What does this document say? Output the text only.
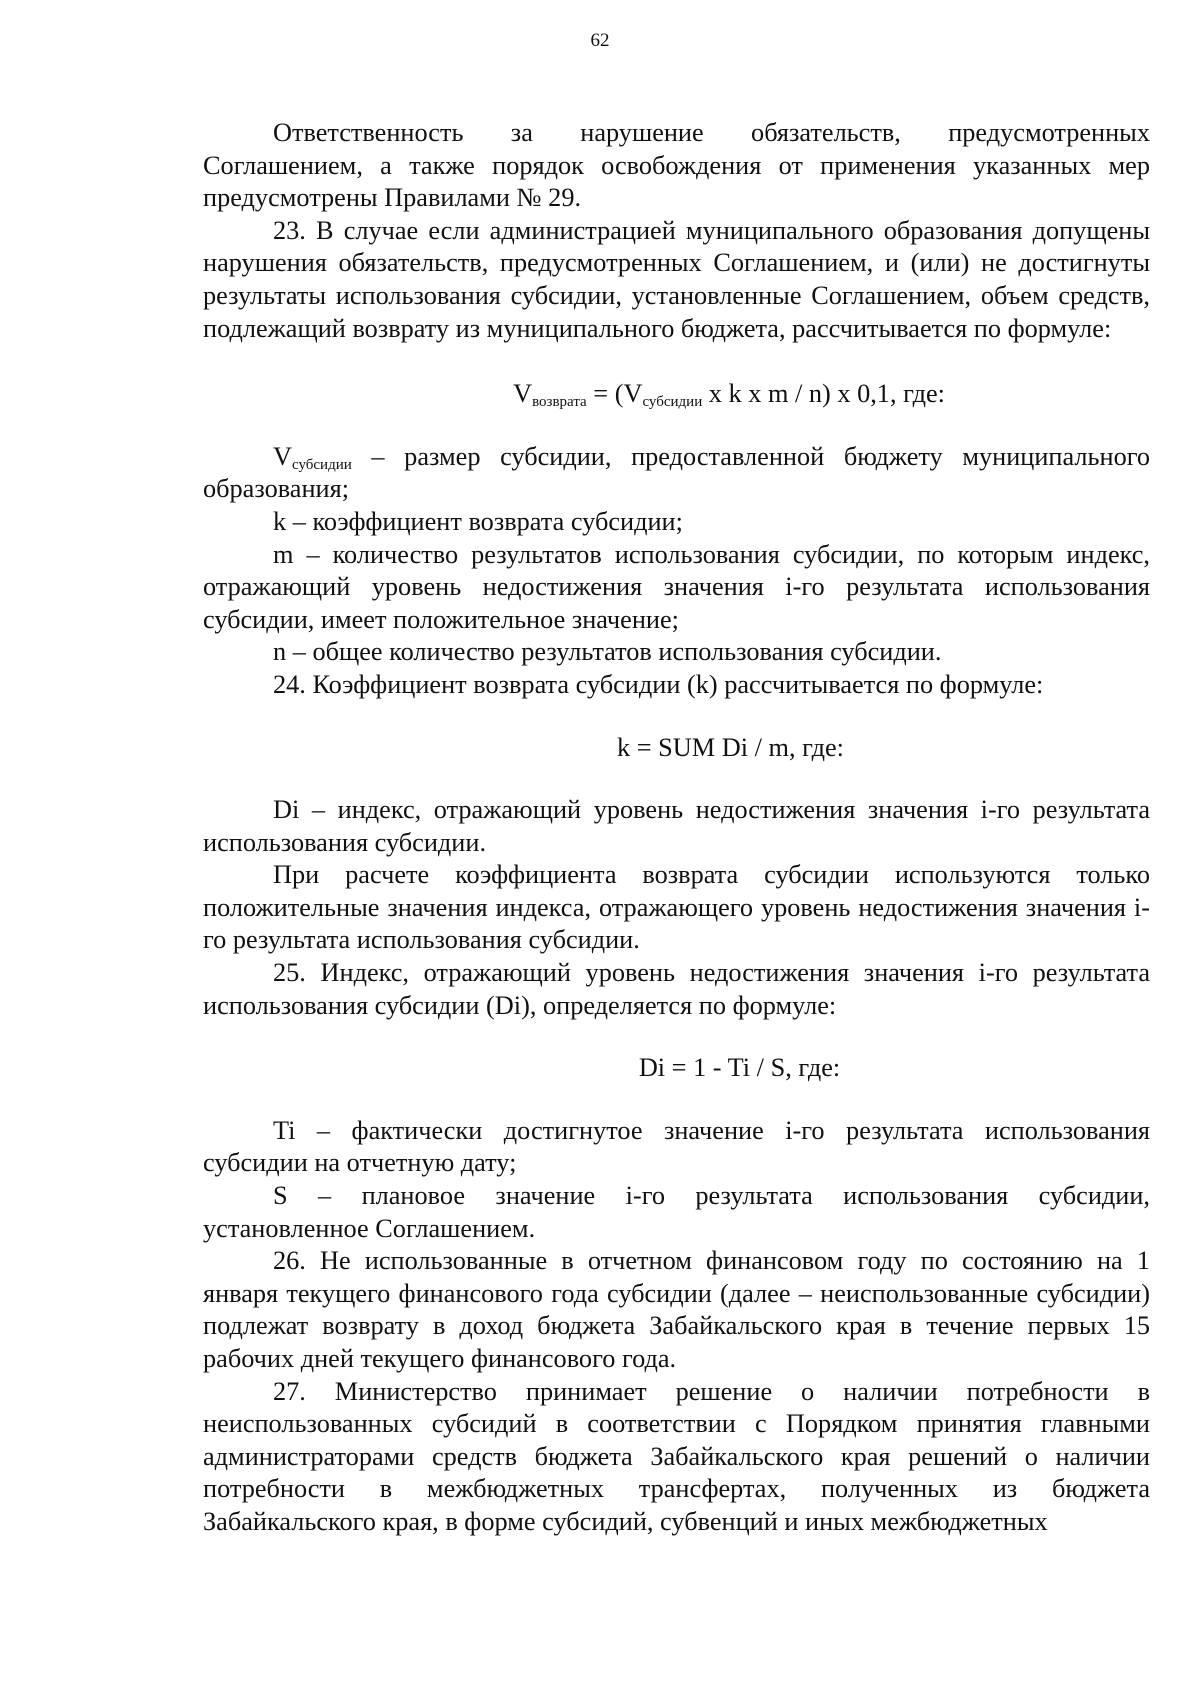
62

Ответственность за нарушение обязательств, предусмотренных Соглашением, а также порядок освобождения от применения указанных мер предусмотрены Правилами № 29.

23. В случае если администрацией муниципального образования допущены нарушения обязательств, предусмотренных Соглашением, и (или) не достигнуты результаты использования субсидии, установленные Соглашением, объем средств, подлежащий возврату из муниципального бюджета, рассчитывается по формуле:

$V_{возврата} = (V_{субсидии}$ x k x m / n) x 0,1, где:

$V_{субсидии}$ – размер субсидии, предоставленной бюджету муниципального образования;

k – коэффициент возврата субсидии;

m – количество результатов использования субсидии, по которым индекс, отражающий уровень недостижения значения i-го результата использования субсидии, имеет положительное значение;

n – общее количество результатов использования субсидии.

24. Коэффициент возврата субсидии (k) рассчитывается по формуле:

k = SUM Di / m, где:

Di – индекс, отражающий уровень недостижения значения i-го результата использования субсидии.

При расчете коэффициента возврата субсидии используются только положительные значения индекса, отражающего уровень недостижения значения i-го результата использования субсидии.

25. Индекс, отражающий уровень недостижения значения i-го результата использования субсидии (Di), определяется по формуле:

Di = 1 - Ti / S, где:

Ti – фактически достигнутое значение i-го результата использования субсидии на отчетную дату;

S – плановое значение i-го результата использования субсидии, установленное Соглашением.

26. Не использованные в отчетном финансовом году по состоянию на 1 января текущего финансового года субсидии (далее – неиспользованные субсидии) подлежат возврату в доход бюджета Забайкальского края в течение первых 15 рабочих дней текущего финансового года.

27. Министерство принимает решение о наличии потребности в неиспользованных субсидий в соответствии с Порядком принятия главными администраторами средств бюджета Забайкальского края решений о наличии потребности в межбюджетных трансфертах, полученных из бюджета Забайкальского края, в форме субсидий, субвенций и иных межбюджетных
